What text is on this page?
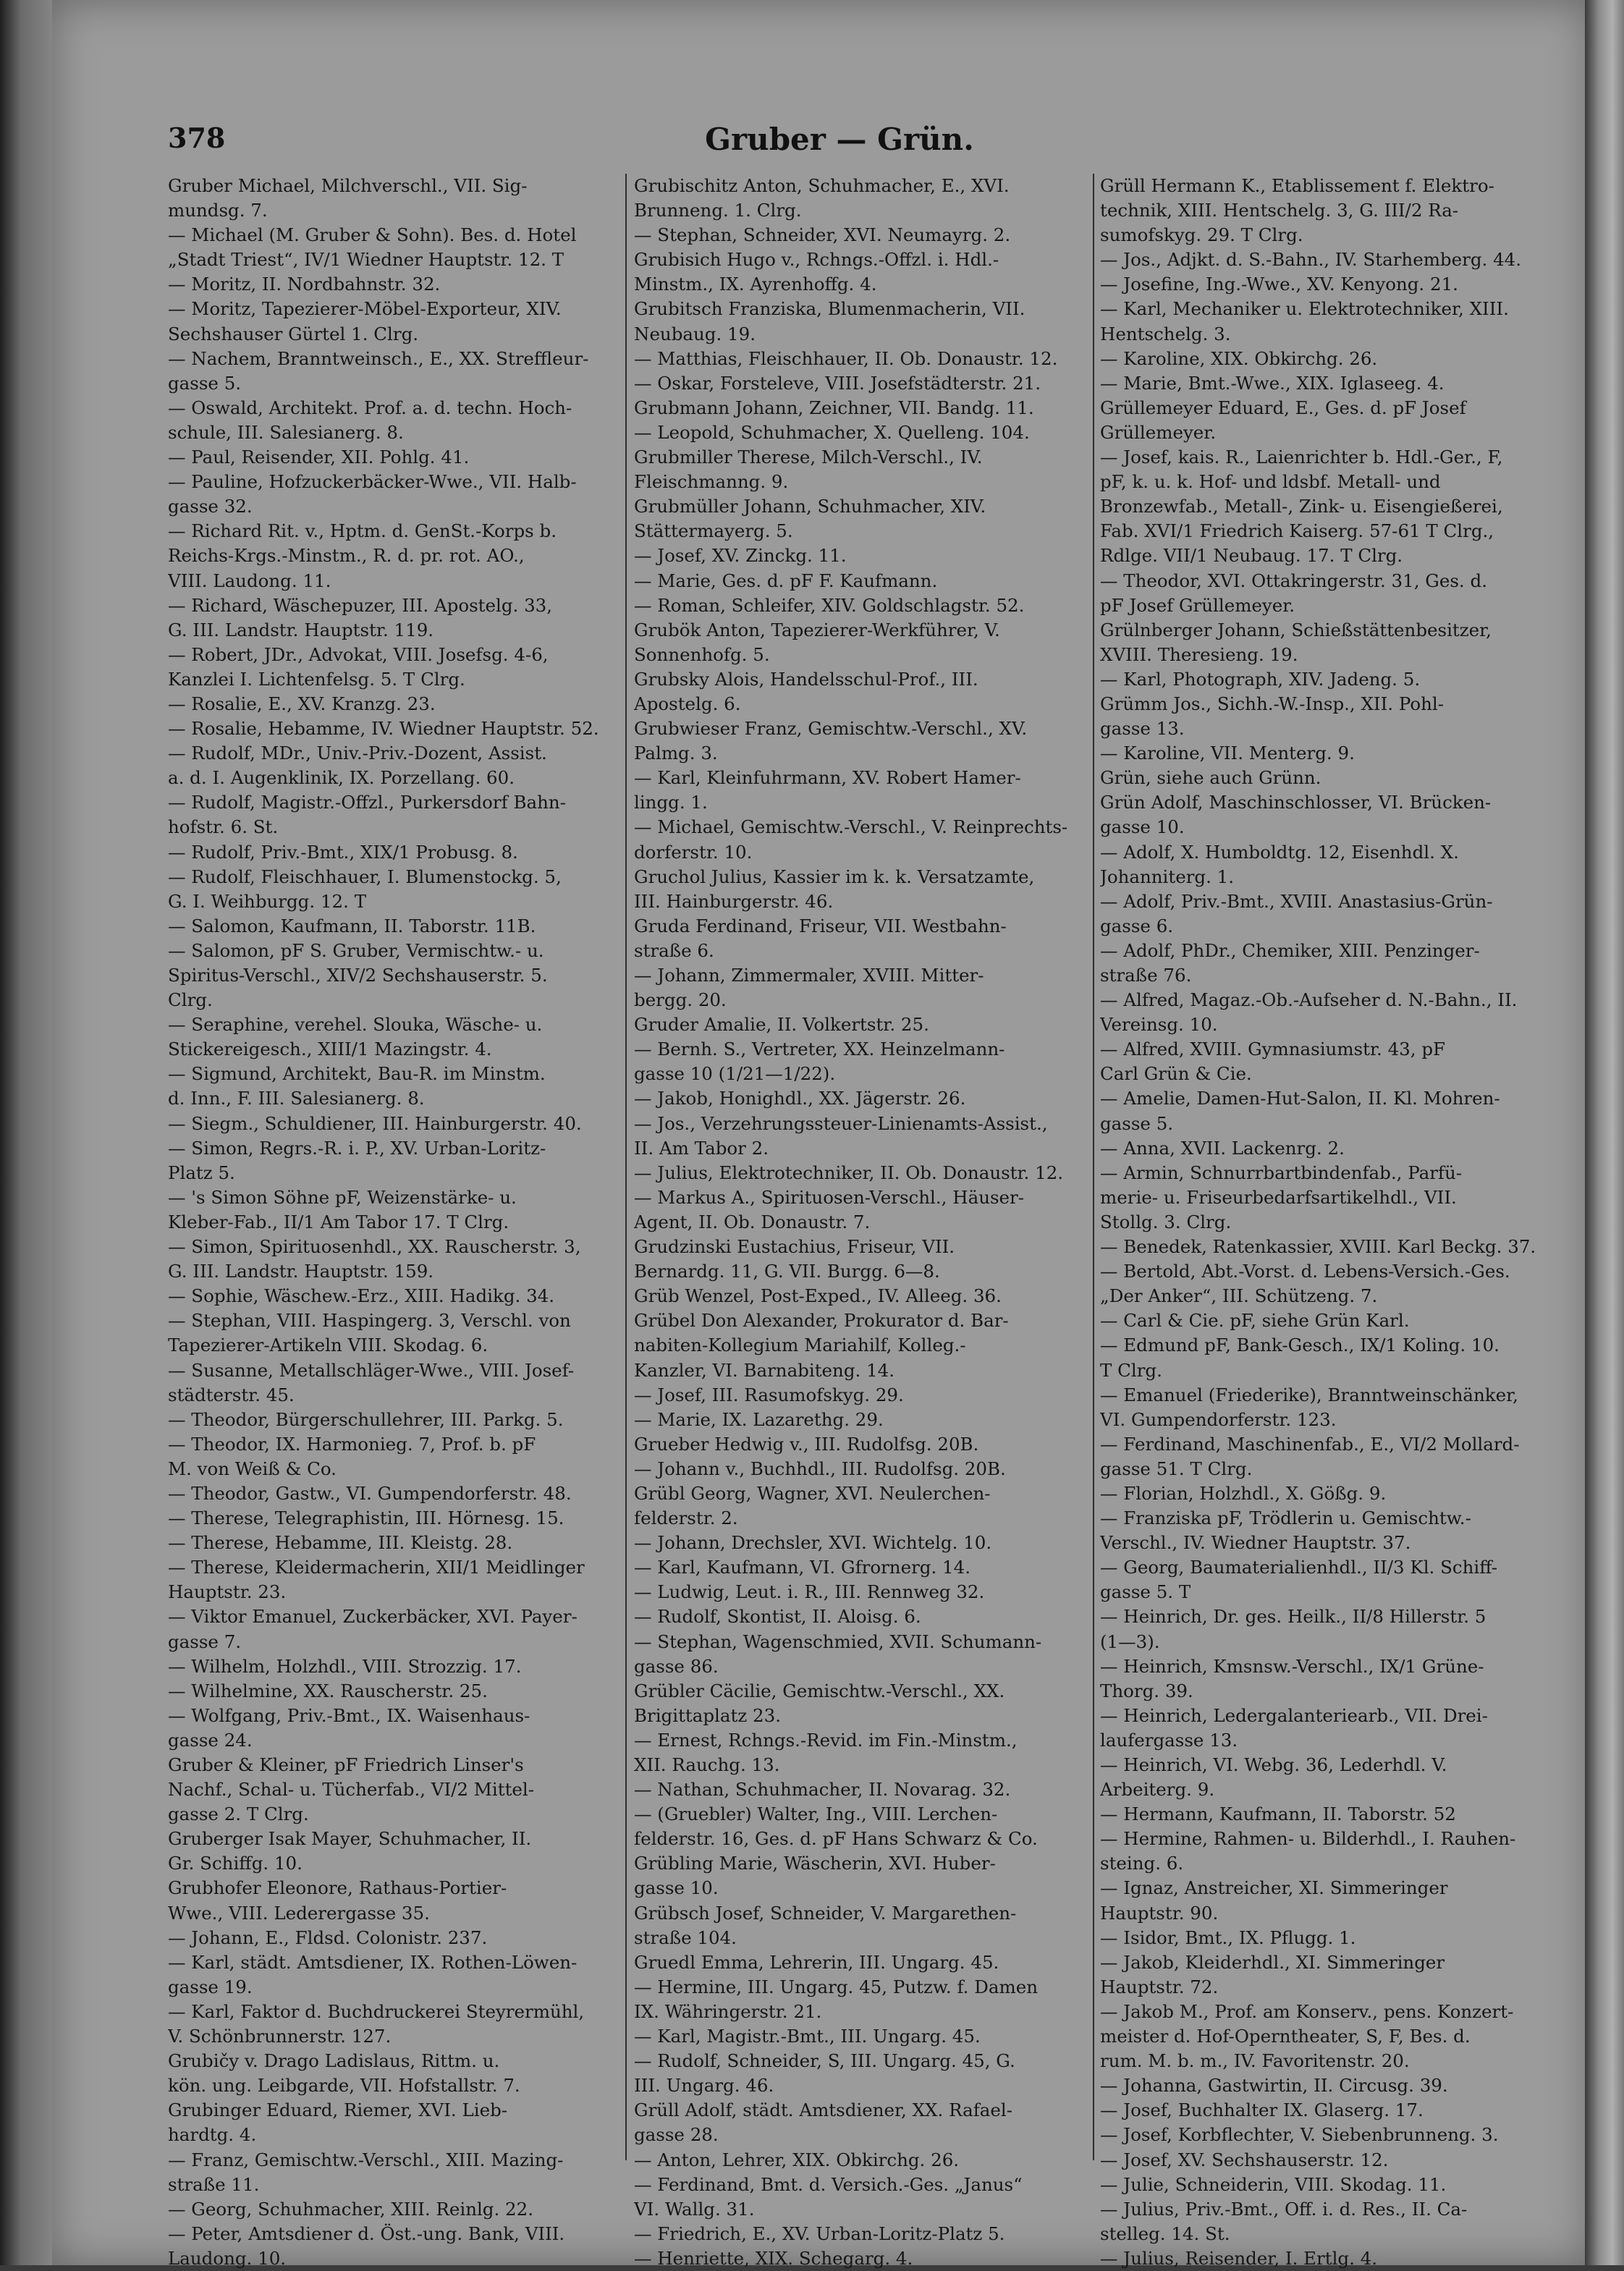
378	Gruber — Grün.
Gruber Michael, Milchverschl., VII. Sig-
mundsg. 7.
— Michael (M. Gruber & Sohn). Bes. d. Hotel
„Stadt Triest“, IV/1 Wiedner Hauptstr. 12. T
— Moritz, II. Nordbahnstr. 32.
— Moritz, Tapezierer-Möbel-Exporteur, XIV.
Sechshauser Gürtel 1. Clrg.
— Nachem, Branntweinsch., E., XX. Streffleur-
gasse 5.
— Oswald, Architekt. Prof. a. d. techn. Hoch-
schule, III. Salesianerg. 8.
— Paul, Reisender, XII. Pohlg. 41.
— Pauline, Hofzuckerbäcker-Wwe., VII. Halb-
gasse 32.
— Richard Rit. v., Hptm. d. GenSt.-Korps b.
Reichs-Krgs.-Minstm., R. d. pr. rot. AO.,
VIII. Laudong. 11.
— Richard, Wäschepuzer, III. Apostelg. 33,
G. III. Landstr. Hauptstr. 119.
— Robert, JDr., Advokat, VIII. Josefsg. 4-6,
Kanzlei I. Lichtenfelsg. 5. T Clrg.
— Rosalie, E., XV. Kranzg. 23.
— Rosalie, Hebamme, IV. Wiedner Hauptstr. 52.
— Rudolf, MDr., Univ.-Priv.-Dozent, Assist.
a. d. I. Augenklinik, IX. Porzellang. 60.
— Rudolf, Magistr.-Offzl., Purkersdorf Bahn-
hofstr. 6. St.
— Rudolf, Priv.-Bmt., XIX/1 Probusg. 8.
— Rudolf, Fleischhauer, I. Blumenstockg. 5,
G. I. Weihburgg. 12. T
— Salomon, Kaufmann, II. Taborstr. 11B.
— Salomon, pF S. Gruber, Vermischtw.- u.
Spiritus-Verschl., XIV/2 Sechshauserstr. 5.
Clrg.
— Seraphine, verehel. Slouka, Wäsche- u.
Stickereigesch., XIII/1 Mazingstr. 4.
— Sigmund, Architekt, Bau-R. im Minstm.
d. Inn., F. III. Salesianerg. 8.
— Siegm., Schuldiener, III. Hainburgerstr. 40.
— Simon, Regrs.-R. i. P., XV. Urban-Loritz-
Platz 5.
— 's Simon Söhne pF, Weizenstärke- u.
Kleber-Fab., II/1 Am Tabor 17. T Clrg.
— Simon, Spirituosenhdl., XX. Rauscherstr. 3,
G. III. Landstr. Hauptstr. 159.
— Sophie, Wäschew.-Erz., XIII. Hadikg. 34.
— Stephan, VIII. Haspingerg. 3, Verschl. von
Tapezierer-Artikeln VIII. Skodag. 6.
— Susanne, Metallschläger-Wwe., VIII. Josef-
städterstr. 45.
— Theodor, Bürgerschullehrer, III. Parkg. 5.
— Theodor, IX. Harmonieg. 7, Prof. b. pF
M. von Weiß & Co.
— Theodor, Gastw., VI. Gumpendorferstr. 48.
— Therese, Telegraphistin, III. Hörnesg. 15.
— Therese, Hebamme, III. Kleistg. 28.
— Therese, Kleidermacherin, XII/1 Meidlinger
Hauptstr. 23.
— Viktor Emanuel, Zuckerbäcker, XVI. Payer-
gasse 7.
— Wilhelm, Holzhdl., VIII. Strozzig. 17.
— Wilhelmine, XX. Rauscherstr. 25.
— Wolfgang, Priv.-Bmt., IX. Waisenhaus-
gasse 24.
Gruber & Kleiner, pF Friedrich Linser's
Nachf., Schal- u. Tücherfab., VI/2 Mittel-
gasse 2. T Clrg.
Gruberger Isak Mayer, Schuhmacher, II.
Gr. Schiffg. 10.
Grubhofer Eleonore, Rathaus-Portier-
Wwe., VIII. Lederergasse 35.
— Johann, E., Fldsd. Colonistr. 237.
— Karl, städt. Amtsdiener, IX. Rothen-Löwen-
gasse 19.
— Karl, Faktor d. Buchdruckerei Steyrermühl,
V. Schönbrunnerstr. 127.
Grubičy v. Drago Ladislaus, Rittm. u.
kön. ung. Leibgarde, VII. Hofstallstr. 7.
Grubinger Eduard, Riemer, XVI. Lieb-
hardtg. 4.
— Franz, Gemischtw.-Verschl., XIII. Mazing-
straße 11.
— Georg, Schuhmacher, XIII. Reinlg. 22.
— Peter, Amtsdiener d. Öst.-ung. Bank, VIII.
Laudong. 10.
Grubischitz Anton, Schuhmacher, E., XVI.
Brunneng. 1. Clrg.
— Stephan, Schneider, XVI. Neumayrg. 2.
Grubisich Hugo v., Rchngs.-Offzl. i. Hdl.-
Minstm., IX. Ayrenhoffg. 4.
Grubitsch Franziska, Blumenmacherin, VII.
Neubaug. 19.
— Matthias, Fleischhauer, II. Ob. Donaustr. 12.
— Oskar, Forsteleve, VIII. Josefstädterstr. 21.
Grubmann Johann, Zeichner, VII. Bandg. 11.
— Leopold, Schuhmacher, X. Quelleng. 104.
Grubmiller Therese, Milch-Verschl., IV.
Fleischmanng. 9.
Grubmüller Johann, Schuhmacher, XIV.
Stättermayerg. 5.
— Josef, XV. Zinckg. 11.
— Marie, Ges. d. pF F. Kaufmann.
— Roman, Schleifer, XIV. Goldschlagstr. 52.
Grubök Anton, Tapezierer-Werkführer, V.
Sonnenhofg. 5.
Grubsky Alois, Handelsschul-Prof., III.
Apostelg. 6.
Grubwieser Franz, Gemischtw.-Verschl., XV.
Palmg. 3.
— Karl, Kleinfuhrmann, XV. Robert Hamer-
lingg. 1.
— Michael, Gemischtw.-Verschl., V. Reinprechts-
dorferstr. 10.
Gruchol Julius, Kassier im k. k. Versatzamte,
III. Hainburgerstr. 46.
Gruda Ferdinand, Friseur, VII. Westbahn-
straße 6.
— Johann, Zimmermaler, XVIII. Mitter-
bergg. 20.
Gruder Amalie, II. Volkertstr. 25.
— Bernh. S., Vertreter, XX. Heinzelmann-
gasse 10 (1/21—1/22).
— Jakob, Honighdl., XX. Jägerstr. 26.
— Jos., Verzehrungssteuer-Linienamts-Assist.,
II. Am Tabor 2.
— Julius, Elektrotechniker, II. Ob. Donaustr. 12.
— Markus A., Spirituosen-Verschl., Häuser-
Agent, II. Ob. Donaustr. 7.
Grudzinski Eustachius, Friseur, VII.
Bernardg. 11, G. VII. Burgg. 6—8.
Grüb Wenzel, Post-Exped., IV. Alleeg. 36.
Grübel Don Alexander, Prokurator d. Bar-
nabiten-Kollegium Mariahilf, Kolleg.-
Kanzler, VI. Barnabiteng. 14.
— Josef, III. Rasumofskyg. 29.
— Marie, IX. Lazarethg. 29.
Grueber Hedwig v., III. Rudolfsg. 20B.
— Johann v., Buchhdl., III. Rudolfsg. 20B.
Grübl Georg, Wagner, XVI. Neulerchen-
felderstr. 2.
— Johann, Drechsler, XVI. Wichtelg. 10.
— Karl, Kaufmann, VI. Gfrornerg. 14.
— Ludwig, Leut. i. R., III. Rennweg 32.
— Rudolf, Skontist, II. Aloisg. 6.
— Stephan, Wagenschmied, XVII. Schumann-
gasse 86.
Grübler Cäcilie, Gemischtw.-Verschl., XX.
Brigittaplatz 23.
— Ernest, Rchngs.-Revid. im Fin.-Minstm.,
XII. Rauchg. 13.
— Nathan, Schuhmacher, II. Novarag. 32.
— (Gruebler) Walter, Ing., VIII. Lerchen-
felderstr. 16, Ges. d. pF Hans Schwarz & Co.
Grübling Marie, Wäscherin, XVI. Huber-
gasse 10.
Grübsch Josef, Schneider, V. Margarethen-
straße 104.
Gruedl Emma, Lehrerin, III. Ungarg. 45.
— Hermine, III. Ungarg. 45, Putzw. f. Damen
IX. Währingerstr. 21.
— Karl, Magistr.-Bmt., III. Ungarg. 45.
— Rudolf, Schneider, S, III. Ungarg. 45, G.
III. Ungarg. 46.
Grüll Adolf, städt. Amtsdiener, XX. Rafael-
gasse 28.
— Anton, Lehrer, XIX. Obkirchg. 26.
— Ferdinand, Bmt. d. Versich.-Ges. „Janus“
VI. Wallg. 31.
— Friedrich, E., XV. Urban-Loritz-Platz 5.
— Henriette, XIX. Schegarg. 4.
Grüll Hermann K., Etablissement f. Elektro-
technik, XIII. Hentschelg. 3, G. III/2 Ra-
sumofskyg. 29. T Clrg.
— Jos., Adjkt. d. S.-Bahn., IV. Starhemberg. 44.
— Josefine, Ing.-Wwe., XV. Kenyong. 21.
— Karl, Mechaniker u. Elektrotechniker, XIII.
Hentschelg. 3.
— Karoline, XIX. Obkirchg. 26.
— Marie, Bmt.-Wwe., XIX. Iglaseeg. 4.
Grüllemeyer Eduard, E., Ges. d. pF Josef
Grüllemeyer.
— Josef, kais. R., Laienrichter b. Hdl.-Ger., F,
pF, k. u. k. Hof- und ldsbf. Metall- und
Bronzewfab., Metall-, Zink- u. Eisengießerei,
Fab. XVI/1 Friedrich Kaiserg. 57-61 T Clrg.,
Rdlge. VII/1 Neubaug. 17. T Clrg.
— Theodor, XVI. Ottakringerstr. 31, Ges. d.
pF Josef Grüllemeyer.
Grülnberger Johann, Schießstättenbesitzer,
XVIII. Theresieng. 19.
— Karl, Photograph, XIV. Jadeng. 5.
Grümm Jos., Sichh.-W.-Insp., XII. Pohl-
gasse 13.
— Karoline, VII. Menterg. 9.
Grün, siehe auch Grünn.
Grün Adolf, Maschinschlosser, VI. Brücken-
gasse 10.
— Adolf, X. Humboldtg. 12, Eisenhdl. X.
Johanniterg. 1.
— Adolf, Priv.-Bmt., XVIII. Anastasius-Grün-
gasse 6.
— Adolf, PhDr., Chemiker, XIII. Penzinger-
straße 76.
— Alfred, Magaz.-Ob.-Aufseher d. N.-Bahn., II.
Vereinsg. 10.
— Alfred, XVIII. Gymnasiumstr. 43, pF
Carl Grün & Cie.
— Amelie, Damen-Hut-Salon, II. Kl. Mohren-
gasse 5.
— Anna, XVII. Lackenrg. 2.
— Armin, Schnurrbartbindenfab., Parfü-
merie- u. Friseurbedarfsartikelhdl., VII.
Stollg. 3. Clrg.
— Benedek, Ratenkassier, XVIII. Karl Beckg. 37.
— Bertold, Abt.-Vorst. d. Lebens-Versich.-Ges.
„Der Anker“, III. Schützeng. 7.
— Carl & Cie. pF, siehe Grün Karl.
— Edmund pF, Bank-Gesch., IX/1 Koling. 10.
T Clrg.
— Emanuel (Friederike), Branntweinschänker,
VI. Gumpendorferstr. 123.
— Ferdinand, Maschinenfab., E., VI/2 Mollard-
gasse 51. T Clrg.
— Florian, Holzhdl., X. Gößg. 9.
— Franziska pF, Trödlerin u. Gemischtw.-
Verschl., IV. Wiedner Hauptstr. 37.
— Georg, Baumaterialienhdl., II/3 Kl. Schiff-
gasse 5. T
— Heinrich, Dr. ges. Heilk., II/8 Hillerstr. 5
(1—3).
— Heinrich, Kmsnsw.-Verschl., IX/1 Grüne-
Thorg. 39.
— Heinrich, Ledergalanteriearb., VII. Drei-
laufergasse 13.
— Heinrich, VI. Webg. 36, Lederhdl. V.
Arbeiterg. 9.
— Hermann, Kaufmann, II. Taborstr. 52
— Hermine, Rahmen- u. Bilderhdl., I. Rauhen-
steing. 6.
— Ignaz, Anstreicher, XI. Simmeringer
Hauptstr. 90.
— Isidor, Bmt., IX. Pflugg. 1.
— Jakob, Kleiderhdl., XI. Simmeringer
Hauptstr. 72.
— Jakob M., Prof. am Konserv., pens. Konzert-
meister d. Hof-Operntheater, S, F, Bes. d.
rum. M. b. m., IV. Favoritenstr. 20.
— Johanna, Gastwirtin, II. Circusg. 39.
— Josef, Buchhalter IX. Glaserg. 17.
— Josef, Korbflechter, V. Siebenbrunneng. 3.
— Josef, XV. Sechshauserstr. 12.
— Julie, Schneiderin, VIII. Skodag. 11.
— Julius, Priv.-Bmt., Off. i. d. Res., II. Ca-
stelleg. 14. St.
— Julius, Reisender, I. Ertlg. 4.
